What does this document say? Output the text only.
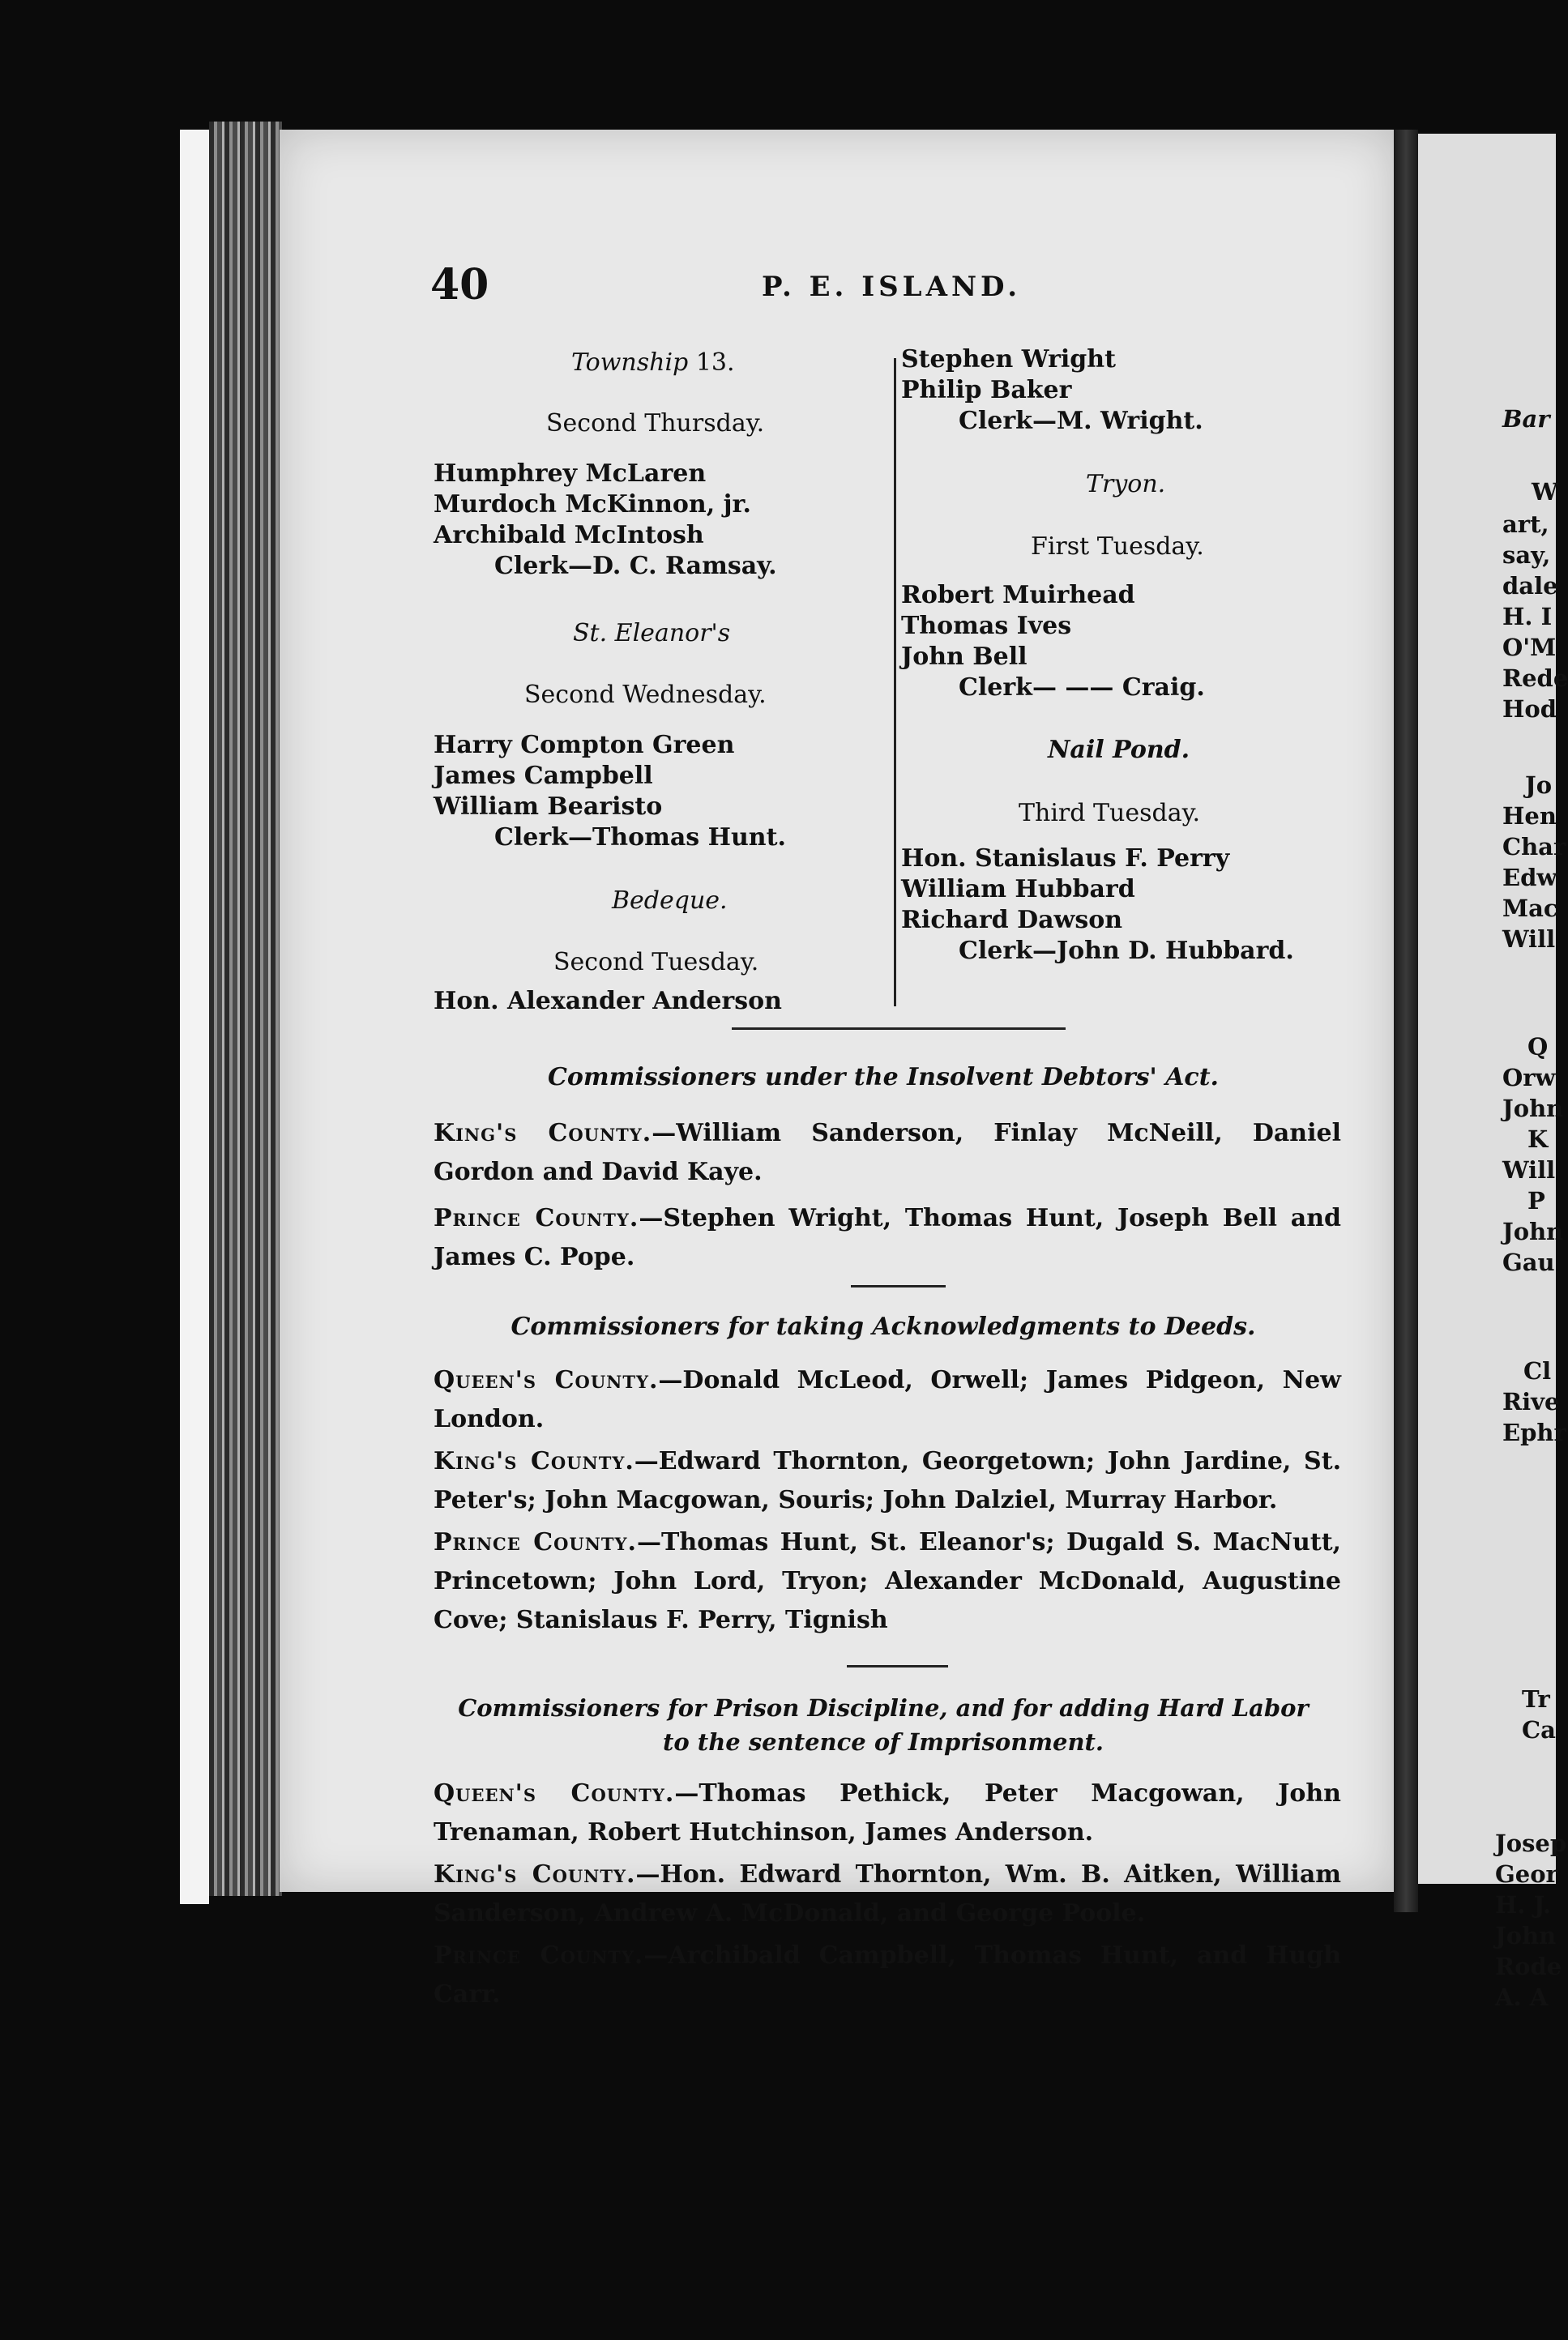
40	P. E. ISLAND.
Township 13.
Second Thursday.
Humphrey McLaren
Murdoch McKinnon, jr.
Archibald McIntosh
Clerk—D. C. Ramsay.
St. Eleanor's
Second Wednesday.
Harry Compton Green
James Campbell
William Bearisto
Clerk—Thomas Hunt.
Bedeque.
Second Tuesday.
Hon. Alexander Anderson
Stephen Wright
Philip Baker
Clerk—M. Wright.
Tryon.
First Tuesday.
Robert Muirhead
Thomas Ives
John Bell
Clerk— —— Craig.
Nail Pond.
Third Tuesday.
Hon. Stanislaus F. Perry
William Hubbard
Richard Dawson
Clerk—John D. Hubbard.
Commissioners under the Insolvent Debtors' Act.
King's County.—William Sanderson, Finlay McNeill, Daniel Gordon and David Kaye.
Prince County.—Stephen Wright, Thomas Hunt, Joseph Bell and James C. Pope.
Commissioners for taking Acknowledgments to Deeds.
Queen's County.—Donald McLeod, Orwell; James Pidgeon, New London.
King's County.—Edward Thornton, Georgetown; John Jardine, St. Peter's; John Macgowan, Souris; John Dalziel, Murray Harbor.
Prince County.—Thomas Hunt, St. Eleanor's; Dugald S. MacNutt, Princetown; John Lord, Tryon; Alexander McDonald, Augustine Cove; Stanislaus F. Perry, Tignish
Commissioners for Prison Discipline, and for adding Hard Labor
to the sentence of Imprisonment.
Queen's County.—Thomas Pethick, Peter Macgowan, John Trenaman, Robert Hutchinson, James Anderson.
King's County.—Hon. Edward Thornton, Wm. B. Aitken, William Sanderson, Andrew A. McDonald, and George Poole.
Prince County.—Archibald Campbell, Thomas Hunt, and Hugh Carr.
Bar
W
art,
say,
dale
H. I
O'M
Rede
Hod
Jo
Hen
Char
Edw
Mac
Will
Q
Orw
John
K
Will
P
John
Gau
Cl
Rive
Ephr
Tr
Ca
Josep
Geor
H. J.
John
Rode
A. A
